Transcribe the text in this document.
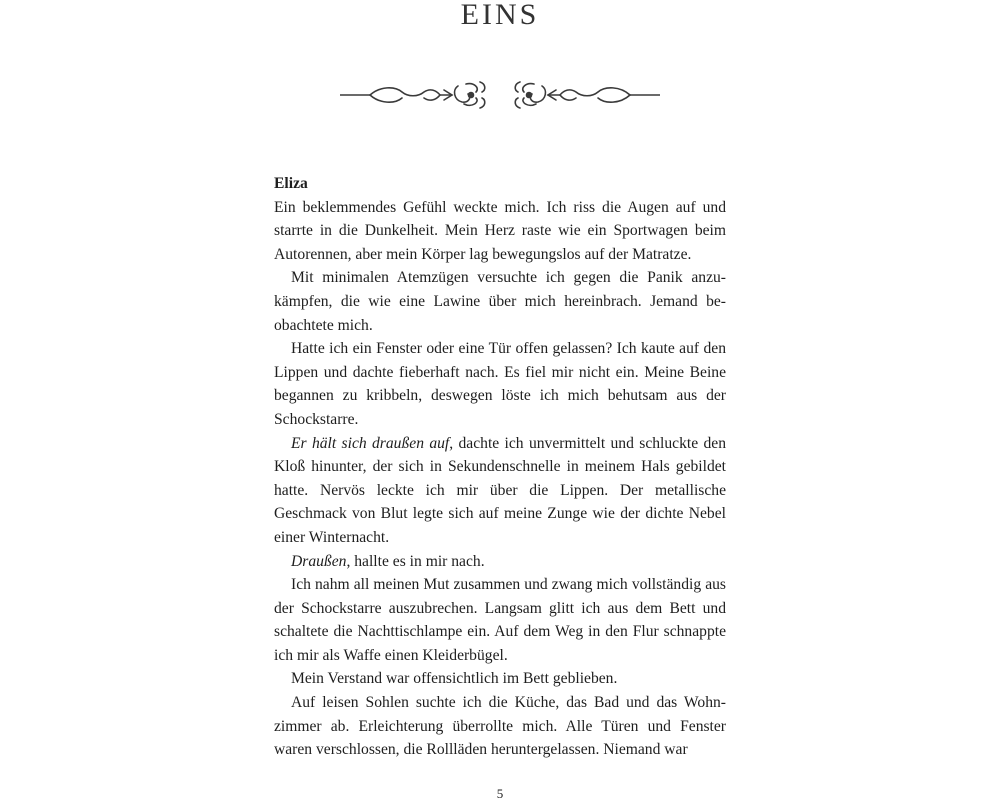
EINS

Eliza

Ein beklemmendes Gefühl weckte mich. Ich riss die Augen auf und starrte in die Dunkelheit. Mein Herz raste wie ein Sportwagen beim Autorennen, aber mein Körper lag bewegungslos auf der Matratze.

Mit minimalen Atemzügen versuchte ich gegen die Panik anzukämpfen, die wie eine Lawine über mich hereinbrach. Jemand beobachtete mich.

Hatte ich ein Fenster oder eine Tür offen gelassen? Ich kaute auf den Lippen und dachte fieberhaft nach. Es fiel mir nicht ein. Meine Beine begannen zu kribbeln, deswegen löste ich mich behutsam aus der Schockstarre.

Er hält sich draußen auf, dachte ich unvermittelt und schluckte den Kloß hinunter, der sich in Sekundenschnelle in meinem Hals gebildet hatte. Nervös leckte ich mir über die Lippen. Der metallische Geschmack von Blut legte sich auf meine Zunge wie der dichte Nebel einer Winternacht.

Draußen, hallte es in mir nach.

Ich nahm all meinen Mut zusammen und zwang mich vollständig aus der Schockstarre auszubrechen. Langsam glitt ich aus dem Bett und schaltete die Nachttischlampe ein. Auf dem Weg in den Flur schnappte ich mir als Waffe einen Kleiderbügel.

Mein Verstand war offensichtlich im Bett geblieben.

Auf leisen Sohlen suchte ich die Küche, das Bad und das Wohnzimmer ab. Erleichterung überrollte mich. Alle Türen und Fenster waren verschlossen, die Rollläden heruntergelassen. Niemand war

5
